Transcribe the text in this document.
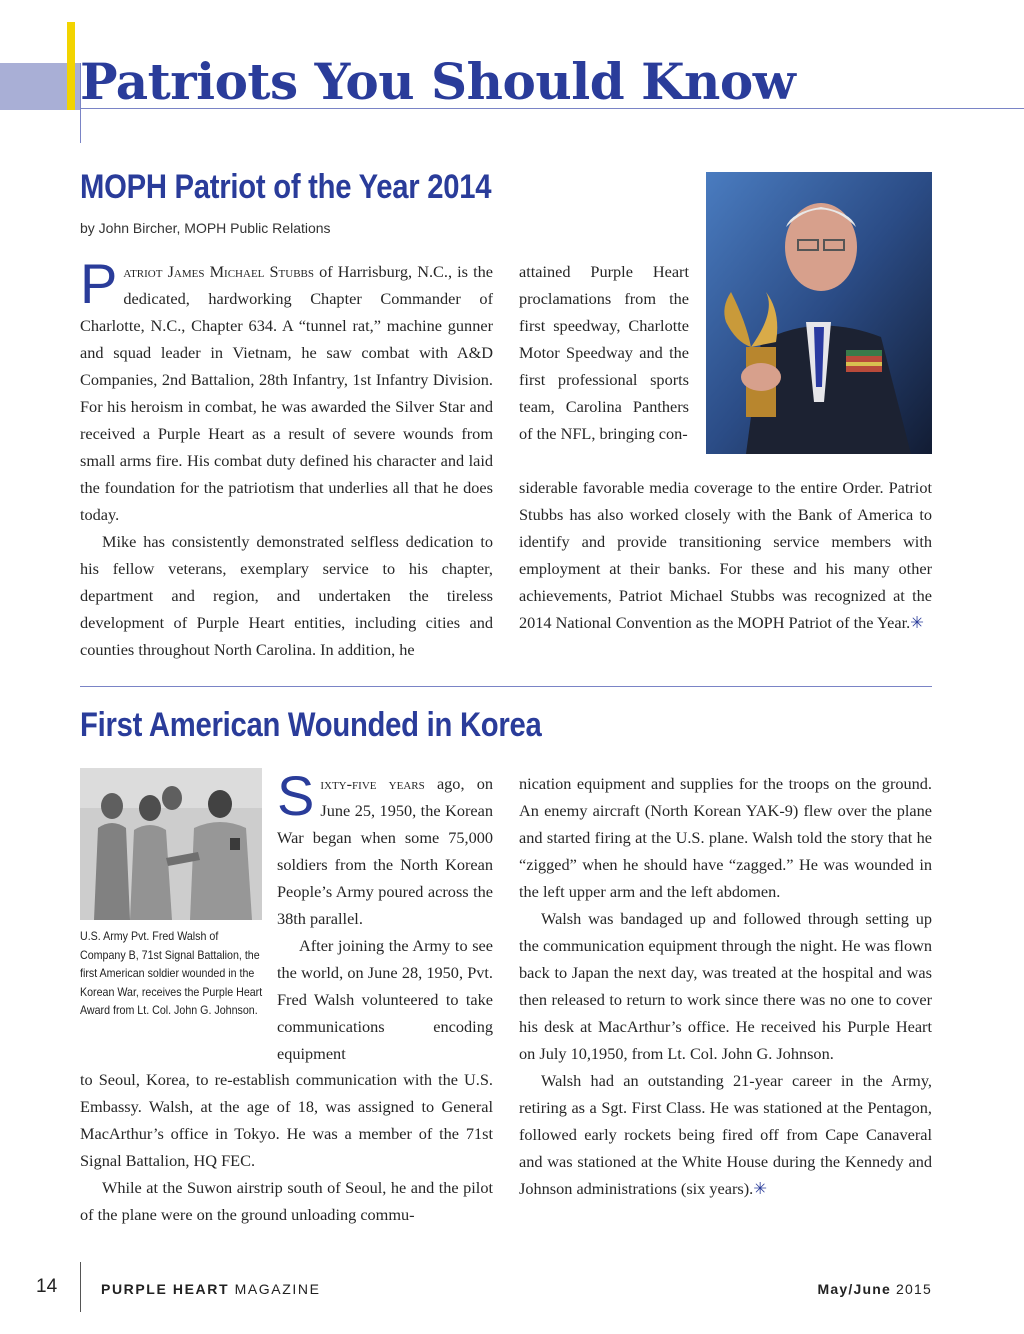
Patriots You Should Know
MOPH Patriot of the Year 2014
by John Bircher, MOPH Public Relations

Patriot James Michael Stubbs of Harrisburg, N.C., is the dedicated, hardworking Chapter Commander of Charlotte, N.C., Chapter 634. A “tunnel rat,” machine gunner and squad leader in Vietnam, he saw combat with A&D Companies, 2nd Battalion, 28th Infantry, 1st Infantry Division. For his heroism in combat, he was awarded the Silver Star and received a Purple Heart as a result of severe wounds from small arms fire. His combat duty defined his character and laid the foundation for the patriotism that underlies all that he does today.

Mike has consistently demonstrated selfless dedication to his fellow veterans, exemplary service to his chapter, department and region, and undertaken the tireless development of Purple Heart entities, including cities and counties throughout North Carolina. In addition, he

attained Purple Heart proclamations from the first speedway, Charlotte Motor Speedway and the first professional sports team, Carolina Panthers of the NFL, bringing con-

siderable favorable media coverage to the entire Order. Patriot Stubbs has also worked closely with the Bank of America to identify and provide transitioning service members with employment at their banks. For these and his many other achievements, Patriot Michael Stubbs was recognized at the 2014 National Convention as the MOPH Patriot of the Year.✳

First American Wounded in Korea
U.S. Army Pvt. Fred Walsh of Company B, 71st Signal Battalion, the first American soldier wounded in the Korean War, receives the Purple Heart Award from Lt. Col. John G. Johnson.

Sixty-five years ago, on June 25, 1950, the Korean War began when some 75,000 soldiers from the North Korean People’s Army poured across the 38th parallel.

After joining the Army to see the world, on June 28, 1950, Pvt. Fred Walsh volunteered to take communications encoding equipment

to Seoul, Korea, to re-establish communication with the U.S. Embassy. Walsh, at the age of 18, was assigned to General MacArthur’s office in Tokyo. He was a member of the 71st Signal Battalion, HQ FEC.

While at the Suwon airstrip south of Seoul, he and the pilot of the plane were on the ground unloading commu-

nication equipment and supplies for the troops on the ground. An enemy aircraft (North Korean YAK-9) flew over the plane and started firing at the U.S. plane. Walsh told the story that he “zigged” when he should have “zagged.” He was wounded in the left upper arm and the left abdomen.

Walsh was bandaged up and followed through setting up the communication equipment through the night. He was flown back to Japan the next day, was treated at the hospital and was then released to return to work since there was no one to cover his desk at MacArthur’s office. He received his Purple Heart on July 10,1950, from Lt. Col. John G. Johnson.

Walsh had an outstanding 21-year career in the Army, retiring as a Sgt. First Class. He was stationed at the Pentagon, followed early rockets being fired off from Cape Canaveral and was stationed at the White House during the Kennedy and Johnson administrations (six years).✳

14	PURPLE HEART MAGAZINE	May/June 2015
